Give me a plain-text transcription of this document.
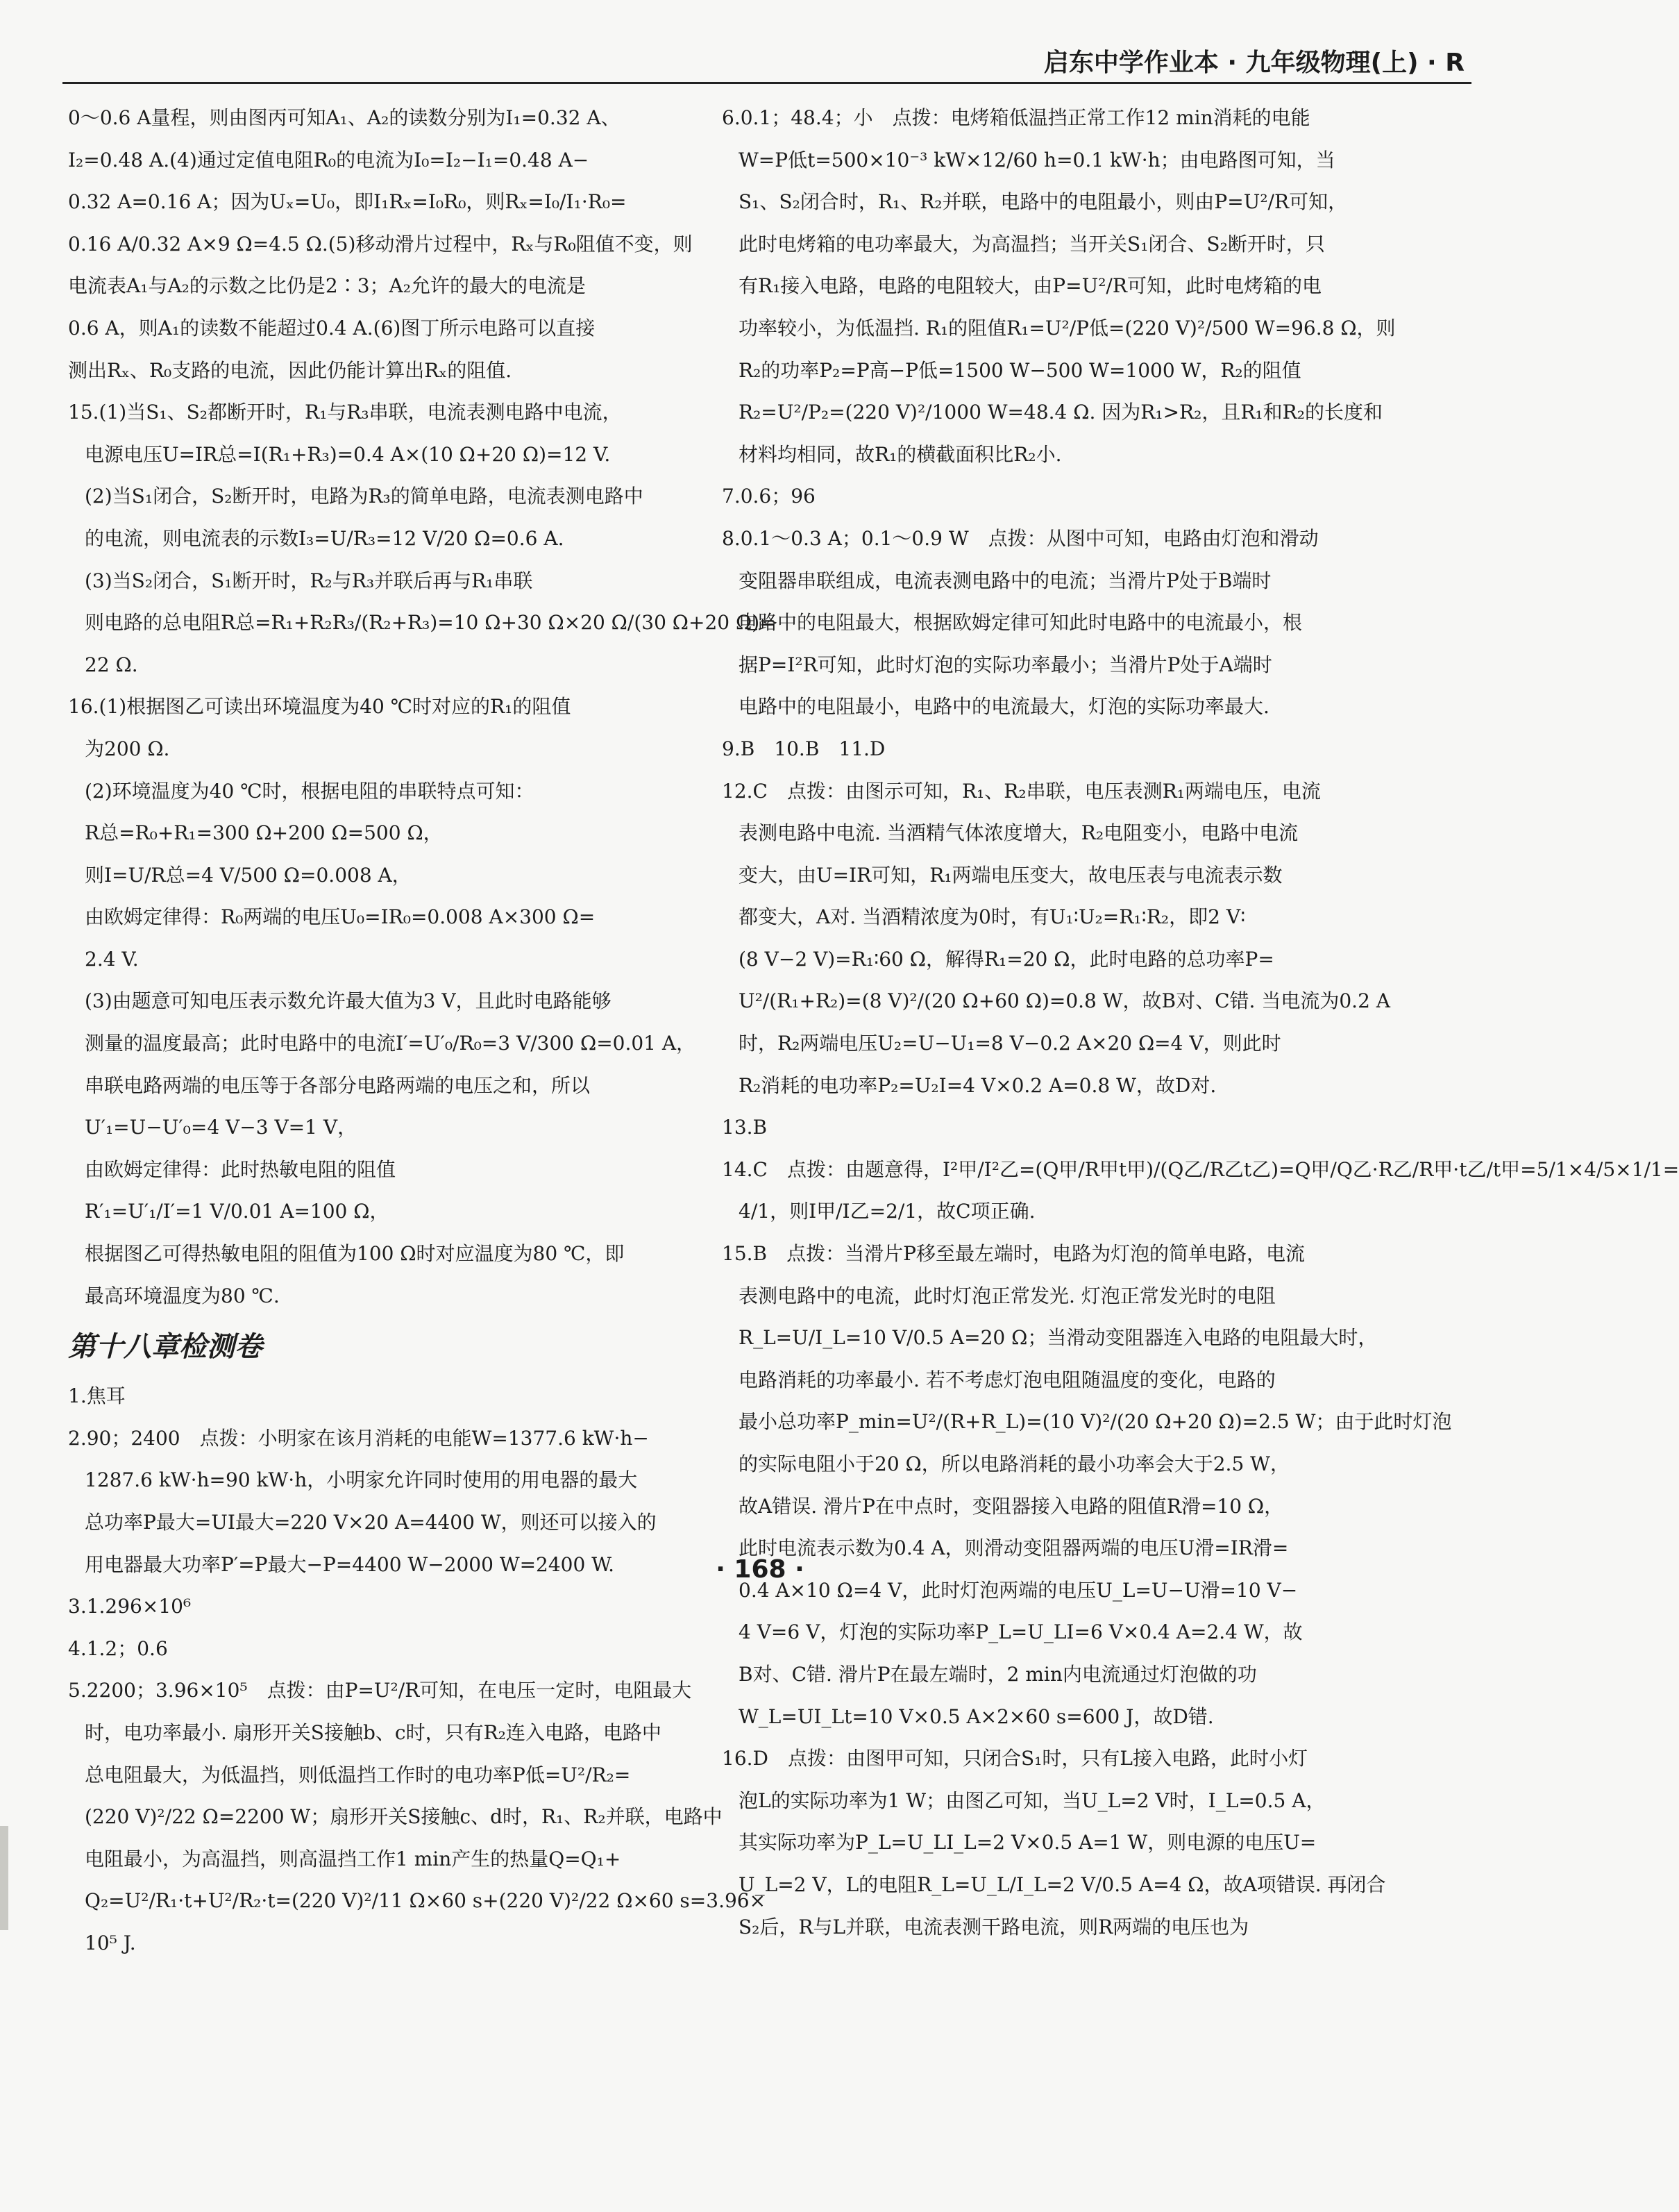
启东中学作业本 · 九年级物理(上) · R
0～0.6 A量程，则由图丙可知A₁、A₂的读数分别为I₁=0.32 A、
I₂=0.48 A.(4)通过定值电阻R₀的电流为I₀=I₂−I₁=0.48 A−
0.32 A=0.16 A；因为Uₓ=U₀，即I₁Rₓ=I₀R₀，则Rₓ=I₀/I₁·R₀=
0.16 A/0.32 A×9 Ω=4.5 Ω.(5)移动滑片过程中，Rₓ与R₀阻值不变，则
电流表A₁与A₂的示数之比仍是2∶3；A₂允许的最大的电流是
0.6 A，则A₁的读数不能超过0.4 A.(6)图丁所示电路可以直接
测出Rₓ、R₀支路的电流，因此仍能计算出Rₓ的阻值.
15.(1)当S₁、S₂都断开时，R₁与R₃串联，电流表测电路中电流，
电源电压U=IR总=I(R₁+R₃)=0.4 A×(10 Ω+20 Ω)=12 V.
(2)当S₁闭合，S₂断开时，电路为R₃的简单电路，电流表测电路中
的电流，则电流表的示数I₃=U/R₃=12 V/20 Ω=0.6 A.
(3)当S₂闭合，S₁断开时，R₂与R₃并联后再与R₁串联
则电路的总电阻R总=R₁+R₂R₃/(R₂+R₃)=10 Ω+30 Ω×20 Ω/(30 Ω+20 Ω)=
22 Ω.
16.(1)根据图乙可读出环境温度为40 ℃时对应的R₁的阻值
为200 Ω.
(2)环境温度为40 ℃时，根据电阻的串联特点可知：
R总=R₀+R₁=300 Ω+200 Ω=500 Ω，
则I=U/R总=4 V/500 Ω=0.008 A，
由欧姆定律得：R₀两端的电压U₀=IR₀=0.008 A×300 Ω=
2.4 V.
(3)由题意可知电压表示数允许最大值为3 V，且此时电路能够
测量的温度最高；此时电路中的电流I′=U′₀/R₀=3 V/300 Ω=0.01 A，
串联电路两端的电压等于各部分电路两端的电压之和，所以
U′₁=U−U′₀=4 V−3 V=1 V，
由欧姆定律得：此时热敏电阻的阻值
R′₁=U′₁/I′=1 V/0.01 A=100 Ω，
根据图乙可得热敏电阻的阻值为100 Ω时对应温度为80 ℃，即
最高环境温度为80 ℃.
第十八章检测卷
1.焦耳
2.90；2400　点拨：小明家在该月消耗的电能W=1377.6 kW·h−
1287.6 kW·h=90 kW·h，小明家允许同时使用的用电器的最大
总功率P最大=UI最大=220 V×20 A=4400 W，则还可以接入的
用电器最大功率P′=P最大−P=4400 W−2000 W=2400 W.
3.1.296×10⁶
4.1.2；0.6
5.2200；3.96×10⁵　点拨：由P=U²/R可知，在电压一定时，电阻最大
时，电功率最小. 扇形开关S接触b、c时，只有R₂连入电路，电路中
总电阻最大，为低温挡，则低温挡工作时的电功率P低=U²/R₂=
(220 V)²/22 Ω=2200 W；扇形开关S接触c、d时，R₁、R₂并联，电路中
电阻最小，为高温挡，则高温挡工作1 min产生的热量Q=Q₁+
Q₂=U²/R₁·t+U²/R₂·t=(220 V)²/11 Ω×60 s+(220 V)²/22 Ω×60 s=3.96×
10⁵ J.
6.0.1；48.4；小　点拨：电烤箱低温挡正常工作12 min消耗的电能
W=P低t=500×10⁻³ kW×12/60 h=0.1 kW·h；由电路图可知，当
S₁、S₂闭合时，R₁、R₂并联，电路中的电阻最小，则由P=U²/R可知，
此时电烤箱的电功率最大，为高温挡；当开关S₁闭合、S₂断开时，只
有R₁接入电路，电路的电阻较大，由P=U²/R可知，此时电烤箱的电
功率较小，为低温挡. R₁的阻值R₁=U²/P低=(220 V)²/500 W=96.8 Ω，则
R₂的功率P₂=P高−P低=1500 W−500 W=1000 W，R₂的阻值
R₂=U²/P₂=(220 V)²/1000 W=48.4 Ω. 因为R₁>R₂，且R₁和R₂的长度和
材料均相同，故R₁的横截面积比R₂小.
7.0.6；96
8.0.1～0.3 A；0.1～0.9 W　点拨：从图中可知，电路由灯泡和滑动
变阻器串联组成，电流表测电路中的电流；当滑片P处于B端时
电路中的电阻最大，根据欧姆定律可知此时电路中的电流最小，根
据P=I²R可知，此时灯泡的实际功率最小；当滑片P处于A端时
电路中的电阻最小，电路中的电流最大，灯泡的实际功率最大.
9.B　10.B　11.D
12.C　点拨：由图示可知，R₁、R₂串联，电压表测R₁两端电压，电流
表测电路中电流. 当酒精气体浓度增大，R₂电阻变小，电路中电流
变大，由U=IR可知，R₁两端电压变大，故电压表与电流表示数
都变大，A对. 当酒精浓度为0时，有U₁∶U₂=R₁∶R₂，即2 V∶
(8 V−2 V)=R₁∶60 Ω，解得R₁=20 Ω，此时电路的总功率P=
U²/(R₁+R₂)=(8 V)²/(20 Ω+60 Ω)=0.8 W，故B对、C错. 当电流为0.2 A
时，R₂两端电压U₂=U−U₁=8 V−0.2 A×20 Ω=4 V，则此时
R₂消耗的电功率P₂=U₂I=4 V×0.2 A=0.8 W，故D对.
13.B
14.C　点拨：由题意得，I²甲/I²乙=(Q甲/R甲t甲)/(Q乙/R乙t乙)=Q甲/Q乙·R乙/R甲·t乙/t甲=5/1×4/5×1/1=
4/1，则I甲/I乙=2/1，故C项正确.
15.B　点拨：当滑片P移至最左端时，电路为灯泡的简单电路，电流
表测电路中的电流，此时灯泡正常发光. 灯泡正常发光时的电阻
R_L=U/I_L=10 V/0.5 A=20 Ω；当滑动变阻器连入电路的电阻最大时，
电路消耗的功率最小. 若不考虑灯泡电阻随温度的变化，电路的
最小总功率P_min=U²/(R+R_L)=(10 V)²/(20 Ω+20 Ω)=2.5 W；由于此时灯泡
的实际电阻小于20 Ω，所以电路消耗的最小功率会大于2.5 W，
故A错误. 滑片P在中点时，变阻器接入电路的阻值R滑=10 Ω，
此时电流表示数为0.4 A，则滑动变阻器两端的电压U滑=IR滑=
0.4 A×10 Ω=4 V，此时灯泡两端的电压U_L=U−U滑=10 V−
4 V=6 V，灯泡的实际功率P_L=U_LI=6 V×0.4 A=2.4 W，故
B对、C错. 滑片P在最左端时，2 min内电流通过灯泡做的功
W_L=UI_Lt=10 V×0.5 A×2×60 s=600 J，故D错.
16.D　点拨：由图甲可知，只闭合S₁时，只有L接入电路，此时小灯
泡L的实际功率为1 W；由图乙可知，当U_L=2 V时，I_L=0.5 A，
其实际功率为P_L=U_LI_L=2 V×0.5 A=1 W，则电源的电压U=
U_L=2 V，L的电阻R_L=U_L/I_L=2 V/0.5 A=4 Ω，故A项错误. 再闭合
S₂后，R与L并联，电流表测干路电流，则R两端的电压也为
· 168 ·
